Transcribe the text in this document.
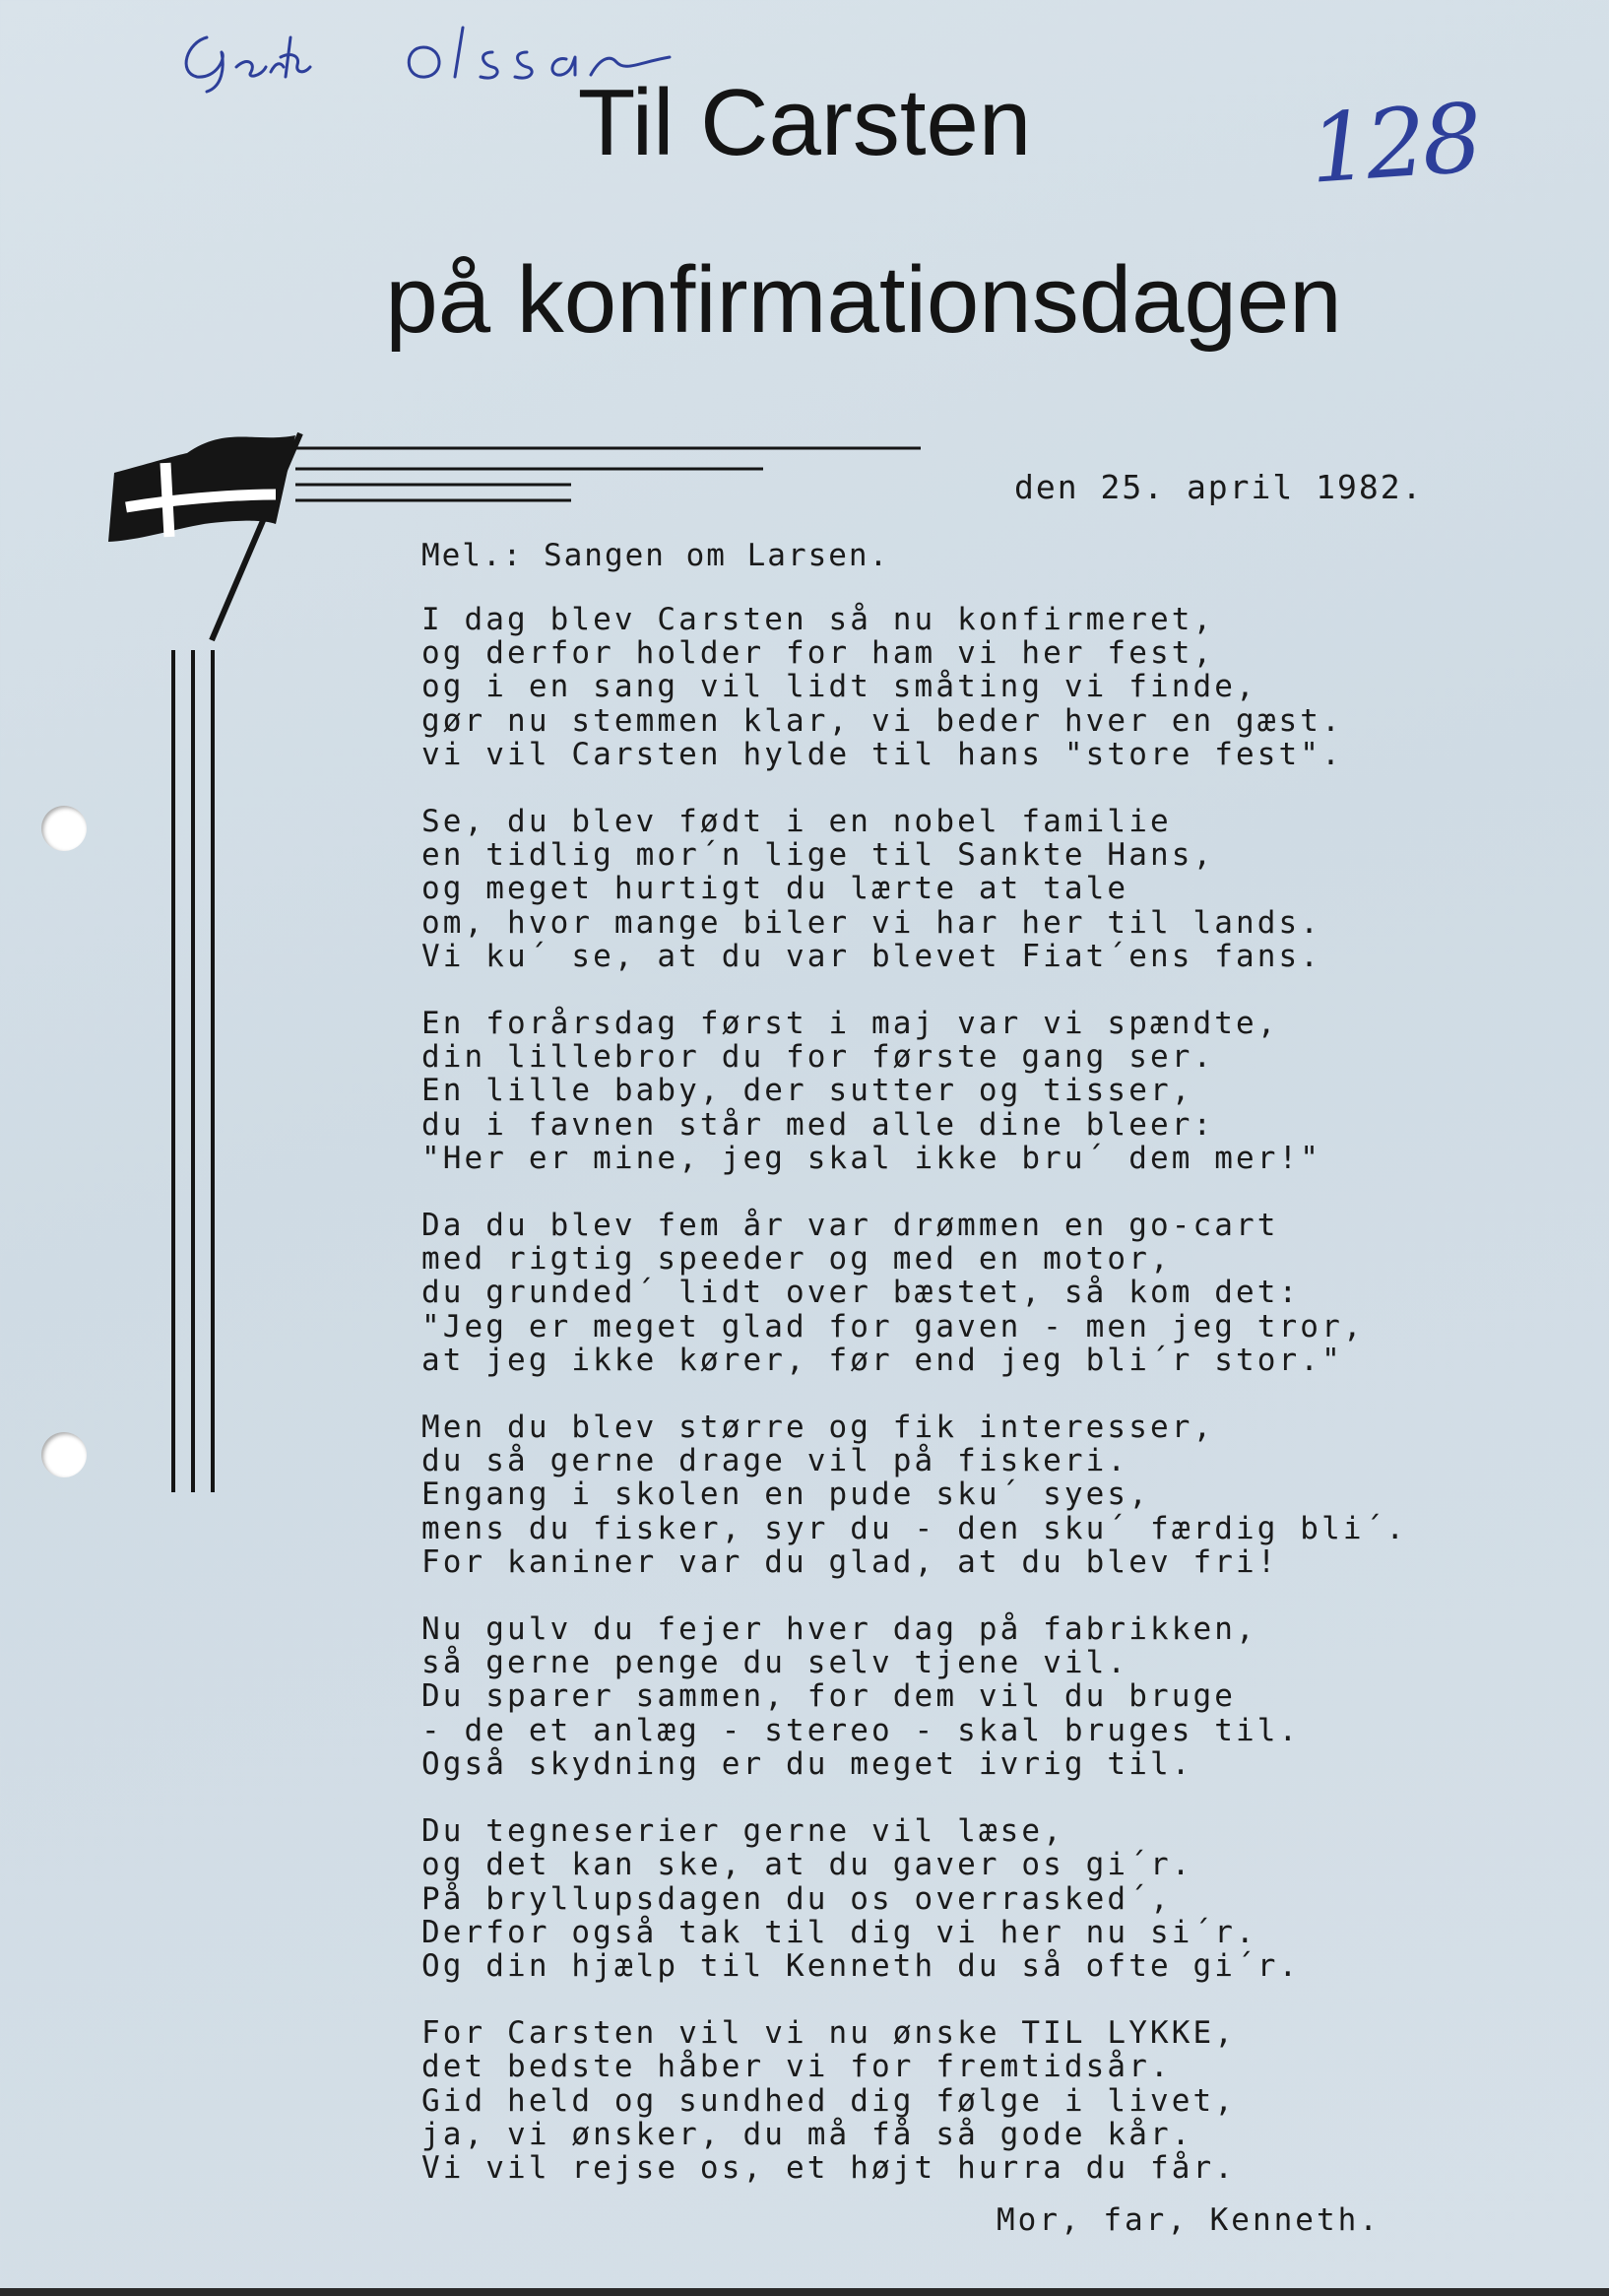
128
Til Carsten
på konfirmationsdagen
den 25. april 1982.
Mel.: Sangen om Larsen.
I dag blev Carsten så nu konfirmeret,
og derfor holder for ham vi her fest,
og i en sang vil lidt småting vi finde,
gør nu stemmen klar, vi beder hver en gæst.
vi vil Carsten hylde til hans "store fest".
Se, du blev født i en nobel familie
en tidlig mor´n lige til Sankte Hans,
og meget hurtigt du lærte at tale
om, hvor mange biler vi har her til lands.
Vi ku´ se, at du var blevet Fiat´ens fans.
En forårsdag først i maj var vi spændte,
din lillebror du for første gang ser.
En lille baby, der sutter og tisser,
du i favnen står med alle dine bleer:
"Her er mine, jeg skal ikke bru´ dem mer!"
Da du blev fem år var drømmen en go-cart
med rigtig speeder og med en motor,
du grunded´ lidt over bæstet, så kom det:
"Jeg er meget glad for gaven - men jeg tror,
at jeg ikke kører, før end jeg bli´r stor."
Men du blev større og fik interesser,
du så gerne drage vil på fiskeri.
Engang i skolen en pude sku´ syes,
mens du fisker, syr du - den sku´ færdig bli´.
For kaniner var du glad, at du blev fri!
Nu gulv du fejer hver dag på fabrikken,
så gerne penge du selv tjene vil.
Du sparer sammen, for dem vil du bruge
- de et anlæg - stereo - skal bruges til.
Også skydning er du meget ivrig til.
Du tegneserier gerne vil læse,
og det kan ske, at du gaver os gi´r.
På bryllupsdagen du os overrasked´,
Derfor også tak til dig vi her nu si´r.
Og din hjælp til Kenneth du så ofte gi´r.
For Carsten vil vi nu ønske TIL LYKKE,
det bedste håber vi for fremtidsår.
Gid held og sundhed dig følge i livet,
ja, vi ønsker, du må få så gode kår.
Vi vil rejse os, et højt hurra du får.
Mor, far, Kenneth.
